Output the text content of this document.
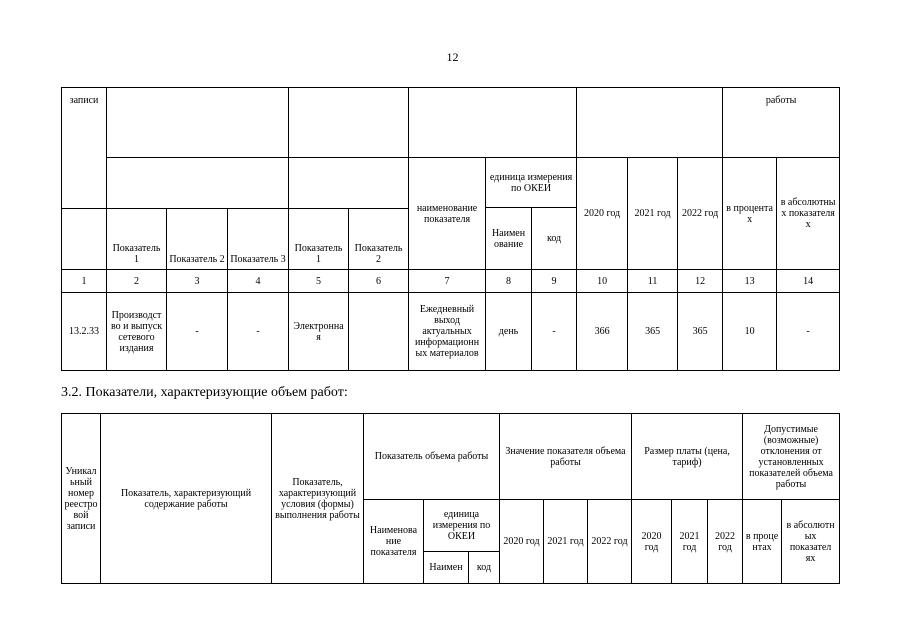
12
записи												работы	
						наименование показателя	единица измерения по ОКЕИ		2020 год	2021 год	2022 год	в процента х	в абсолютны х показателя х
							Наимен ование	код					
	Показатель 1	Показатель 2	Показатель 3	Показатель 1	Показатель 2								
1	2	3	4	5	6	7	8	9	10	11	12	13	14
13.2.33	Производст во и выпуск сетевого издания	-	-	Электронна я		Ежедневный выход актуальных информационн ых материалов	день	-	366	365	365	10	-
3.2. Показатели, характеризующие объем работ:
Уникал ьный номер реестро вой записи	Показатель, характеризующий содержание работы	Показатель, характеризующий условия (формы) выполнения работы	Показатель объема работы			Значение показателя объема работы			Размер платы (цена, тариф)			Допустимые (возможные) отклонения от установленных показателей объема работы	
			Наименова ние показателя	единица измерения по ОКЕИ		2020 год	2021 год	2022 год	2020 год	2021 год	2022 год	в проце нтах	в абсолютн ых показател ях
				Наимен	код								
